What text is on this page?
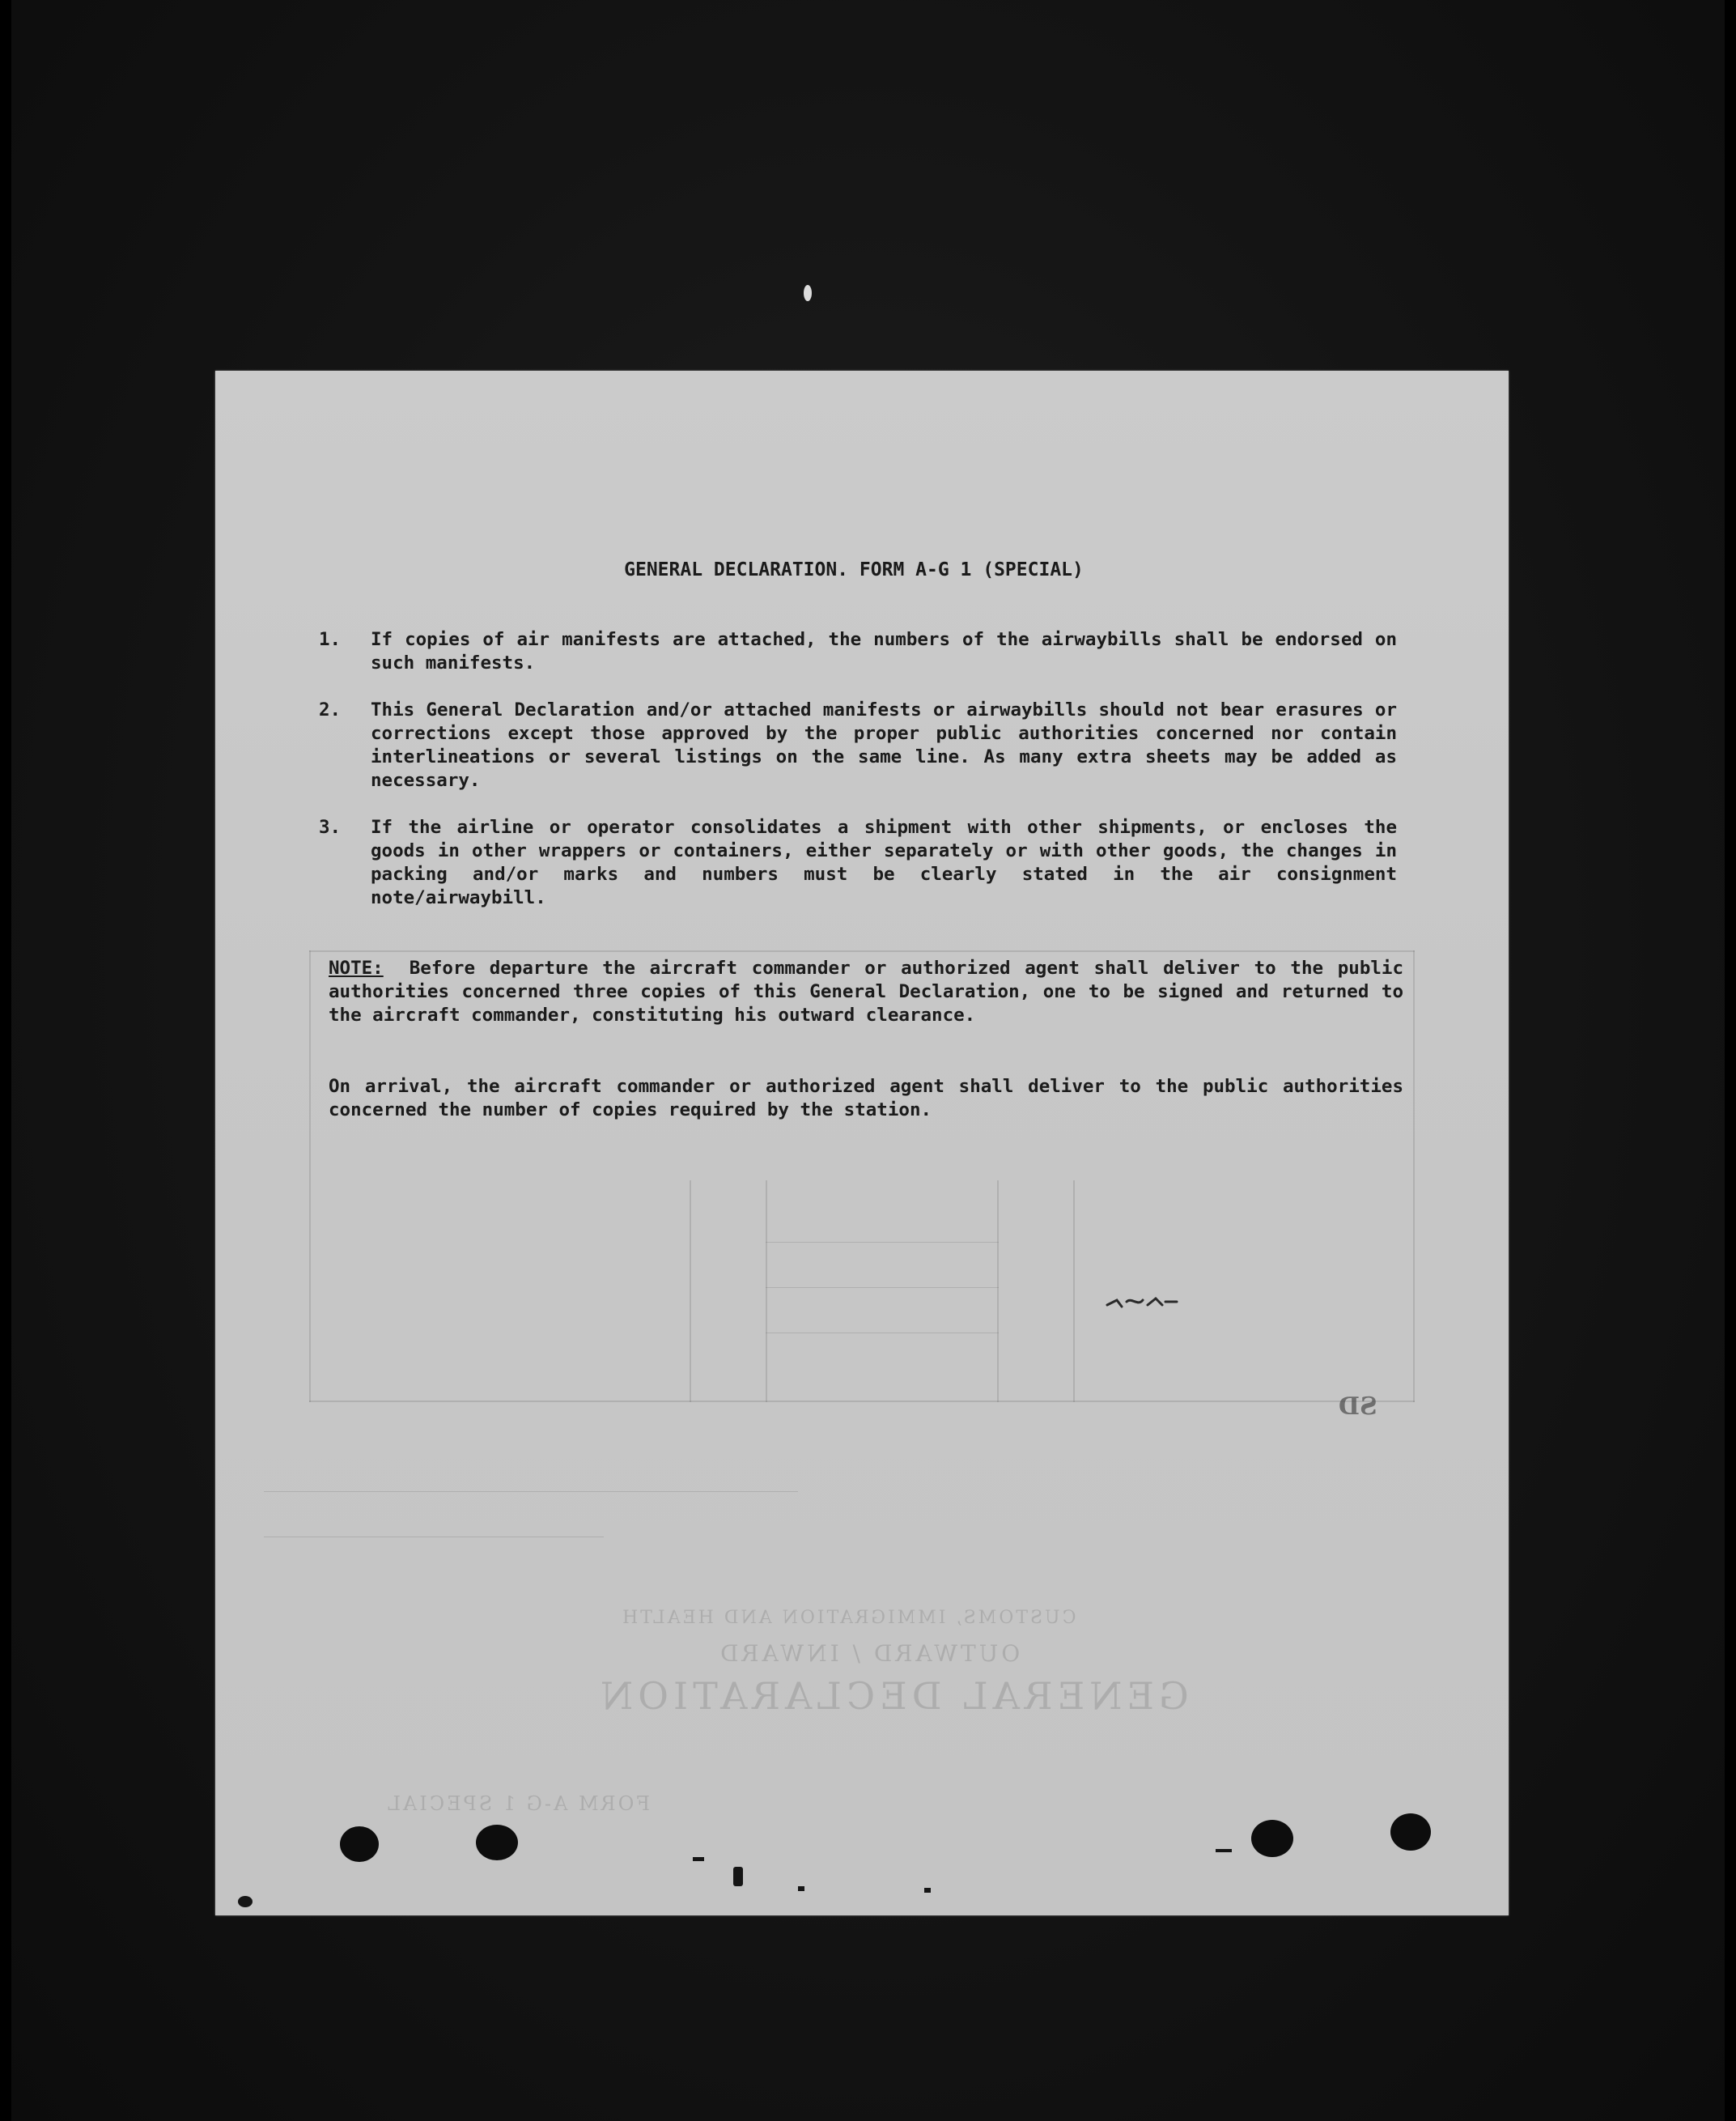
GENERAL DECLARATION
OUTWARD / INWARD
CUSTOMS, IMMIGRATION AND HEALTH
FORM A-G 1 SPECIAL
SD
GENERAL DECLARATION. FORM A-G 1 (SPECIAL)
1.	If copies of air manifests are attached, the numbers of the airwaybills shall be endorsed on such manifests.
2.	This General Declaration and/or attached manifests or airwaybills should not bear erasures or corrections except those approved by the proper public authorities concerned nor contain interlineations or several listings on the same line. As many extra sheets may be added as necessary.
3.	If the airline or operator consolidates a shipment with other shipments, or encloses the goods in other wrappers or containers, either separately or with other goods, the changes in packing and/or marks and numbers must be clearly stated in the air consignment note/airwaybill.
NOTE: Before departure the aircraft commander or authorized agent shall deliver to the public authorities concerned three copies of this General Declaration, one to be signed and returned to the aircraft commander, constituting his outward clearance.
On arrival, the aircraft commander or authorized agent shall deliver to the public authorities concerned the number of copies required by the station.
